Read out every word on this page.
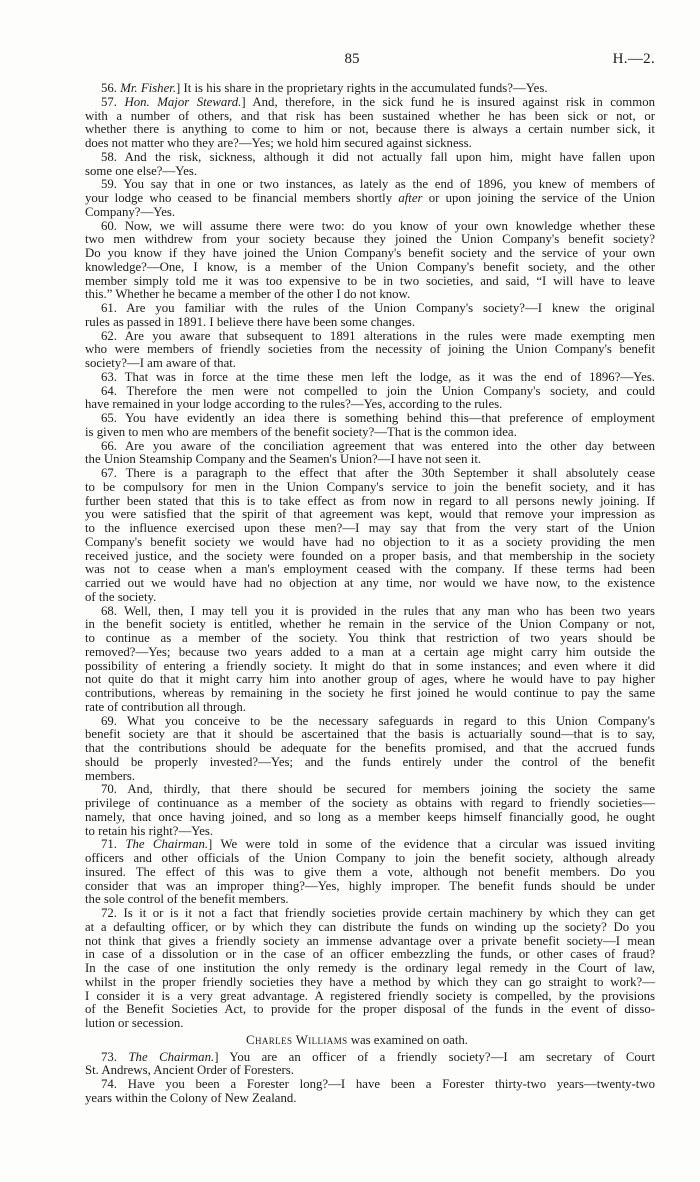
85	H.—2.
56. Mr. Fisher.] It is his share in the proprietary rights in the accumulated funds?—Yes.
57. Hon. Major Steward.] And, therefore, in the sick fund he is insured against risk in common
with a number of others, and that risk has been sustained whether he has been sick or not, or
whether there is anything to come to him or not, because there is always a certain number sick, it
does not matter who they are?—Yes; we hold him secured against sickness.
58. And the risk, sickness, although it did not actually fall upon him, might have fallen upon
some one else?—Yes.
59. You say that in one or two instances, as lately as the end of 1896, you knew of members of
your lodge who ceased to be financial members shortly after or upon joining the service of the Union
Company?—Yes.
60. Now, we will assume there were two: do you know of your own knowledge whether these
two men withdrew from your society because they joined the Union Company's benefit society?
Do you know if they have joined the Union Company's benefit society and the service of your own
knowledge?—One, I know, is a member of the Union Company's benefit society, and the other
member simply told me it was too expensive to be in two societies, and said, “I will have to leave
this.” Whether he became a member of the other I do not know.
61. Are you familiar with the rules of the Union Company's society?—I knew the original
rules as passed in 1891. I believe there have been some changes.
62. Are you aware that subsequent to 1891 alterations in the rules were made exempting men
who were members of friendly societies from the necessity of joining the Union Company's benefit
society?—I am aware of that.
63. That was in force at the time these men left the lodge, as it was the end of 1896?—Yes.
64. Therefore the men were not compelled to join the Union Company's society, and could
have remained in your lodge according to the rules?—Yes, according to the rules.
65. You have evidently an idea there is something behind this—that preference of employment
is given to men who are members of the benefit society?—That is the common idea.
66. Are you aware of the conciliation agreement that was entered into the other day between
the Union Steamship Company and the Seamen's Union?—I have not seen it.
67. There is a paragraph to the effect that after the 30th September it shall absolutely cease
to be compulsory for men in the Union Company's service to join the benefit society, and it has
further been stated that this is to take effect as from now in regard to all persons newly joining. If
you were satisfied that the spirit of that agreement was kept, would that remove your impression as
to the influence exercised upon these men?—I may say that from the very start of the Union
Company's benefit society we would have had no objection to it as a society providing the men
received justice, and the society were founded on a proper basis, and that membership in the society
was not to cease when a man's employment ceased with the company. If these terms had been
carried out we would have had no objection at any time, nor would we have now, to the existence
of the society.
68. Well, then, I may tell you it is provided in the rules that any man who has been two years
in the benefit society is entitled, whether he remain in the service of the Union Company or not,
to continue as a member of the society. You think that restriction of two years should be
removed?—Yes; because two years added to a man at a certain age might carry him outside the
possibility of entering a friendly society. It might do that in some instances; and even where it did
not quite do that it might carry him into another group of ages, where he would have to pay higher
contributions, whereas by remaining in the society he first joined he would continue to pay the same
rate of contribution all through.
69. What you conceive to be the necessary safeguards in regard to this Union Company's
benefit society are that it should be ascertained that the basis is actuarially sound—that is to say,
that the contributions should be adequate for the benefits promised, and that the accrued funds
should be properly invested?—Yes; and the funds entirely under the control of the benefit
members.
70. And, thirdly, that there should be secured for members joining the society the same
privilege of continuance as a member of the society as obtains with regard to friendly societies—
namely, that once having joined, and so long as a member keeps himself financially good, he ought
to retain his right?—Yes.
71. The Chairman.] We were told in some of the evidence that a circular was issued inviting
officers and other officials of the Union Company to join the benefit society, although already
insured. The effect of this was to give them a vote, although not benefit members. Do you
consider that was an improper thing?—Yes, highly improper. The benefit funds should be under
the sole control of the benefit members.
72. Is it or is it not a fact that friendly societies provide certain machinery by which they can get
at a defaulting officer, or by which they can distribute the funds on winding up the society? Do you
not think that gives a friendly society an immense advantage over a private benefit society—I mean
in case of a dissolution or in the case of an officer embezzling the funds, or other cases of fraud?
In the case of one institution the only remedy is the ordinary legal remedy in the Court of law,
whilst in the proper friendly societies they have a method by which they can go straight to work?—
I consider it is a very great advantage. A registered friendly society is compelled, by the provisions
of the Benefit Societies Act, to provide for the proper disposal of the funds in the event of disso-
lution or secession.
Charles Williams was examined on oath.
73. The Chairman.] You are an officer of a friendly society?—I am secretary of Court
St. Andrews, Ancient Order of Foresters.
74. Have you been a Forester long?—I have been a Forester thirty-two years—twenty-two
years within the Colony of New Zealand.
